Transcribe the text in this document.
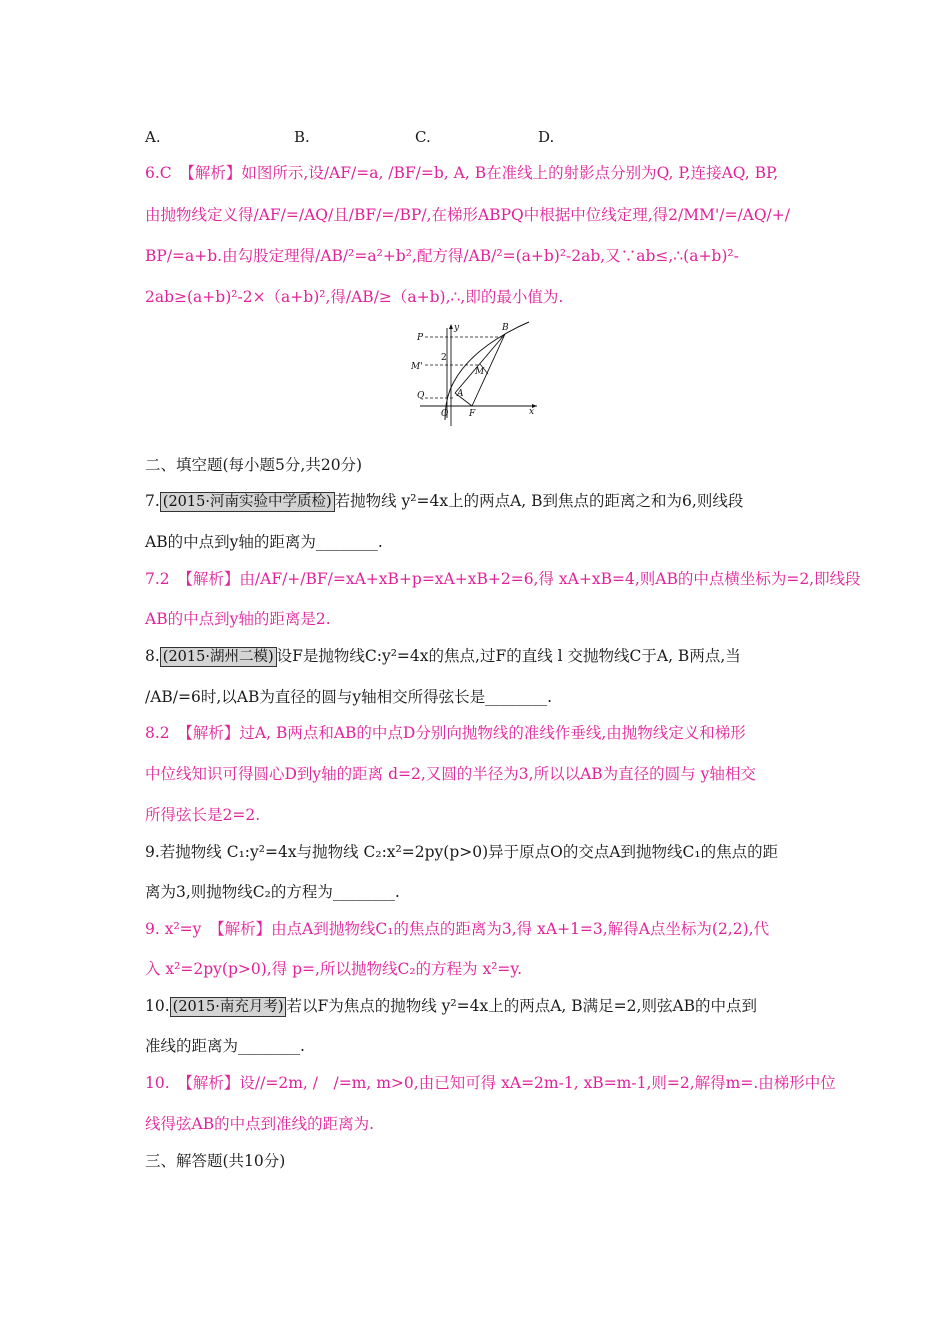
A.	B.	C.	D.
6.C　【解析】如图所示,设/AF/=a, /BF/=b, A, B在准线上的射影点分别为Q, P,连接AQ, BP,
由抛物线定义得/AF/=/AQ/且/BF/=/BP/,在梯形ABPQ中根据中位线定理,得2/MM'/=/AQ/+/
BP/=a+b.由勾股定理得/AB/²=a²+b²,配方得/AB/²=(a+b)²-2ab,又∵ab≤,∴(a+b)²-
2ab≥(a+b)²-2×（a+b)²,得/AB/≥（a+b),∴,即的最小值为.
P
y	B
2
M'	M
Q	A
O F	x
二、填空题(每小题5分,共20分)
7. (2015·河南实验中学质检) 若抛物线 y²=4x上的两点A, B到焦点的距离之和为6,则线段
AB的中点到y轴的距离为________.
7.2　【解析】由/AF/+/BF/=xA+xB+p=xA+xB+2=6,得 xA+xB=4,则AB的中点横坐标为=2,即线段
AB的中点到y轴的距离是2.
8. (2015·湖州二模) 设F是抛物线C:y²=4x的焦点,过F的直线 l 交抛物线C于A, B两点,当
/AB/=6时,以AB为直径的圆与y轴相交所得弦长是________.
8.2　【解析】过A, B两点和AB的中点D分别向抛物线的准线作垂线,由抛物线定义和梯形
中位线知识可得圆心D到y轴的距离 d=2,又圆的半径为3,所以以AB为直径的圆与 y轴相交
所得弦长是2=2.
9.若抛物线 C₁:y²=4x与抛物线 C₂:x²=2py(p>0)异于原点O的交点A到抛物线C₁的焦点的距
离为3,则抛物线C₂的方程为________.
9. x²=y　【解析】由点A到抛物线C₁的焦点的距离为3,得 xA+1=3,解得A点坐标为(2,2),代
入 x²=2py(p>0),得 p=,所以抛物线C₂的方程为 x²=y.
10. (2015·南充月考) 若以F为焦点的抛物线 y²=4x上的两点A, B满足=2,则弦AB的中点到
准线的距离为________.
10.　【解析】设//=2m, /　/=m, m>0,由已知可得 xA=2m-1, xB=m-1,则=2,解得m=.由梯形中位
线得弦AB的中点到准线的距离为.
三、解答题(共10分)
